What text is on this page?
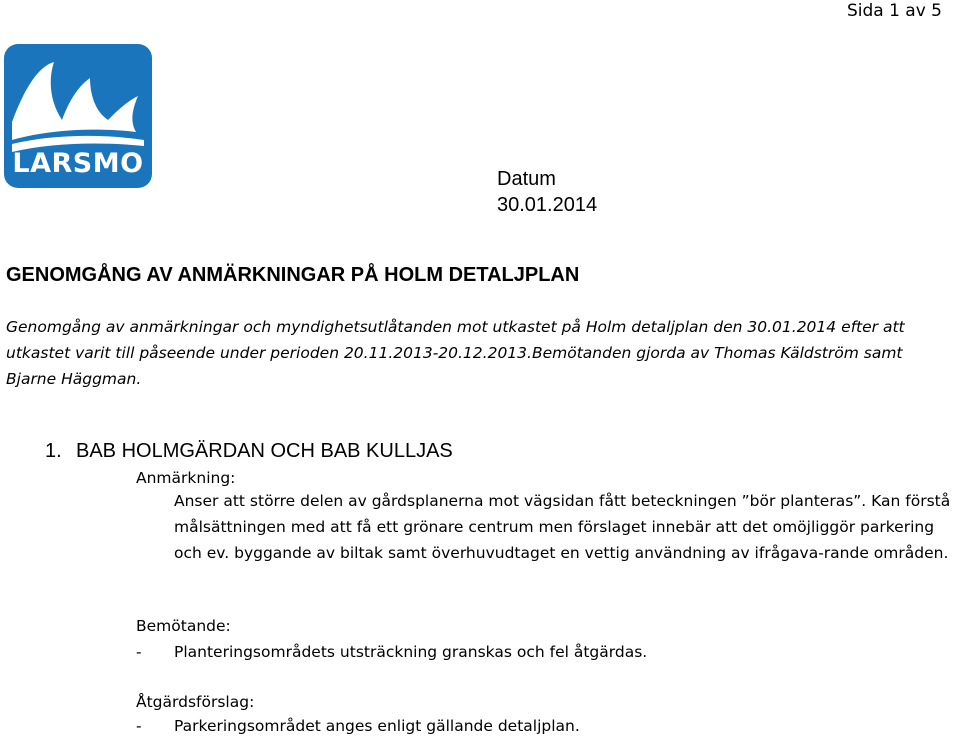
Sida 1 av 5
LARSMO	Datum
30.01.2014
GENOMGÅNG AV ANMÄRKNINGAR PÅ HOLM DETALJPLAN

Genomgång av anmärkningar och myndighetsutlåtanden mot utkastet på Holm detaljplan den 30.01.2014 efter att utkastet varit till påseende under perioden 20.11.2013-20.12.2013.Bemötanden gjorda av Thomas Käldström samt Bjarne Häggman.

1. BAB HOLMGÄRDAN OCH BAB KULLJAS
Anmärkning:

Anser att större delen av gårdsplanerna mot vägsidan fått beteckningen ”bör planteras”. Kan förstå målsättningen med att få ett grönare centrum men förslaget innebär att det omöjliggör parkering och ev. byggande av biltak samt överhuvudtaget en vettig användning av ifrågava-rande områden.

Bemötande:
- Planteringsområdets utsträckning granskas och fel åtgärdas.
Åtgärdsförslag:
- Parkeringsområdet anges enligt gällande detaljplan.
